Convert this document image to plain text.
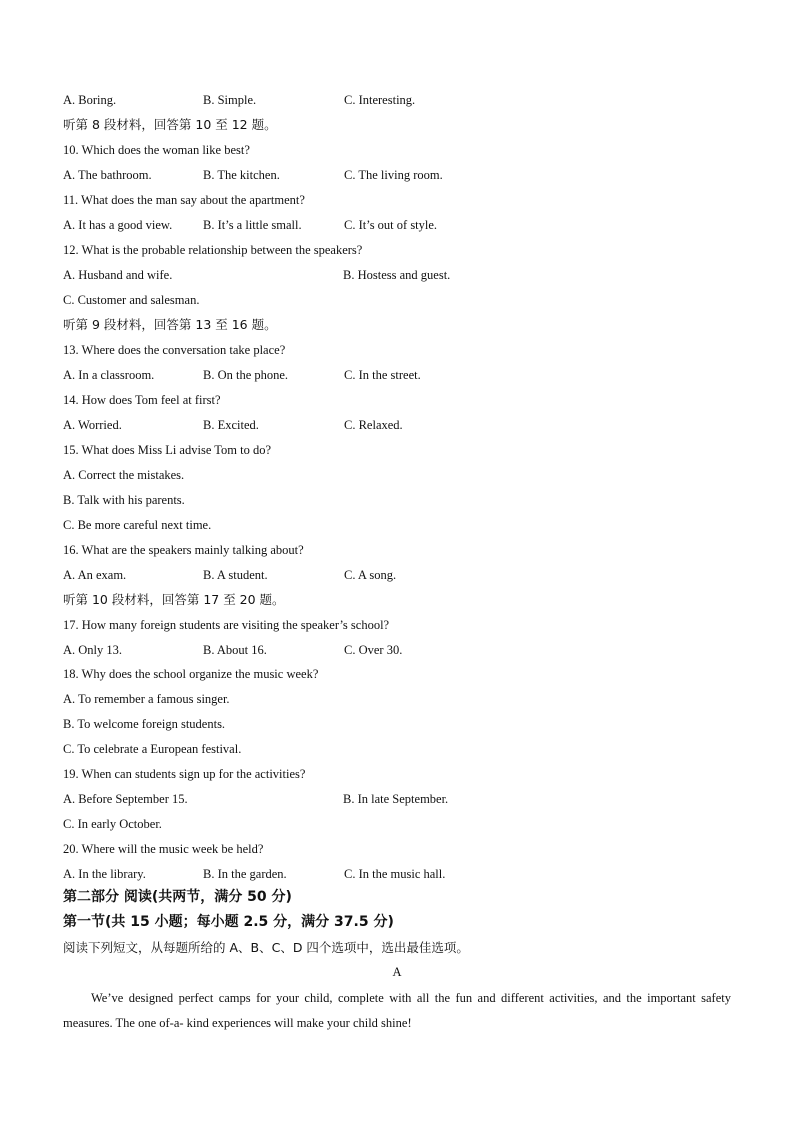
A. Boring.	B. Simple.	C. Interesting.
听第 8 段材料，回答第 10 至 12 题。
10. Which does the woman like best?
A. The bathroom.	B. The kitchen.	C. The living room.
11. What does the man say about the apartment?
A. It has a good view. B. It’s a little small.	C. It’s out of style.
12. What is the probable relationship between the speakers?
A. Husband and wife.	B. Hostess and guest.
C. Customer and salesman.
听第 9 段材料，回答第 13 至 16 题。
13. Where does the conversation take place?
A. In a classroom.	B. On the phone.	C. In the street.
14. How does Tom feel at first?
A. Worried.	B. Excited.	C. Relaxed.
15. What does Miss Li advise Tom to do?
A. Correct the mistakes.
B. Talk with his parents.
C. Be more careful next time.
16. What are the speakers mainly talking about?
A. An exam.	B. A student.	C. A song.
听第 10 段材料，回答第 17 至 20 题。
17. How many foreign students are visiting the speaker’s school?
A. Only 13.	B. About 16.	C. Over 30.
18. Why does the school organize the music week?
A. To remember a famous singer.
B. To welcome foreign students.
C. To celebrate a European festival.
19. When can students sign up for the activities?
A. Before September 15.	B. In late September.
C. In early October.
20. Where will the music week be held?
A. In the library.	B. In the garden.	C. In the music hall.
第二部分 阅读(共两节，满分 50 分)
第一节(共 15 小题；每小题 2.5 分，满分 37.5 分)
阅读下列短文，从每题所给的 A、B、C、D 四个选项中，选出最佳选项。
A
We’ve designed perfect camps for your child, complete with all the fun and different activities, and the important safety measures. The one of-a- kind experiences will make your child shine!
